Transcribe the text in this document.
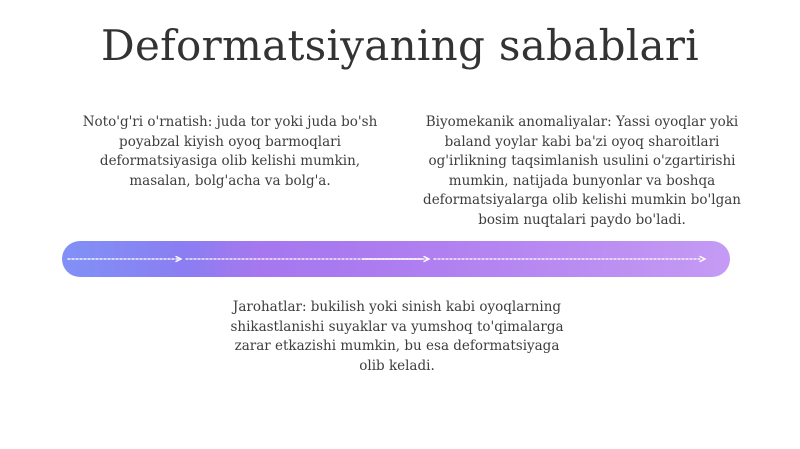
Deformatsiyaning sabablari
Noto'g'ri o'rnatish: juda tor yoki juda bo'sh poyabzal kiyish oyoq barmoqlari deformatsiyasiga olib kelishi mumkin, masalan, bolg'acha va bolg'a.
Biyomekanik anomaliyalar: Yassi oyoqlar yoki baland yoylar kabi ba'zi oyoq sharoitlari og'irlikning taqsimlanish usulini o'zgartirishi mumkin, natijada bunyonlar va boshqa deformatsiyalarga olib kelishi mumkin bo'lgan bosim nuqtalari paydo bo'ladi.
Jarohatlar: bukilish yoki sinish kabi oyoqlarning shikastlanishi suyaklar va yumshoq to'qimalarga zarar etkazishi mumkin, bu esa deformatsiyaga olib keladi.
